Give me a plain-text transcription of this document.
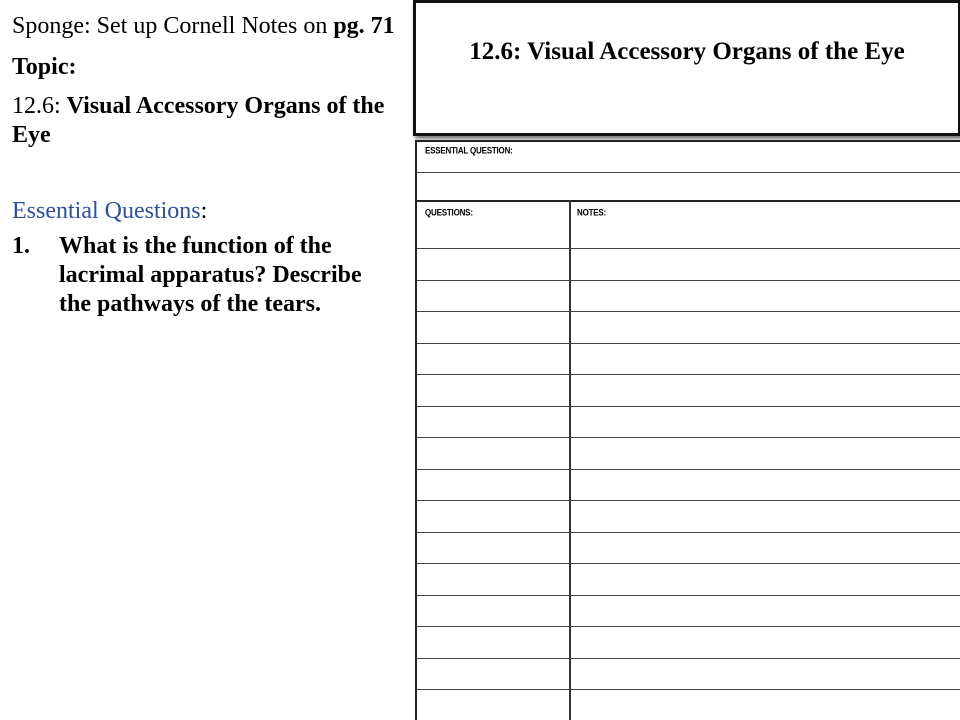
Sponge: Set up Cornell Notes on pg. 71
Topic:
12.6: Visual Accessory Organs of the Eye
Essential Questions:
1.	What is the function of the lacrimal apparatus? Describe the pathways of the tears.
12.6: Visual Accessory Organs of the Eye
ESSENTIAL QUESTION:
QUESTIONS:	NOTES:
